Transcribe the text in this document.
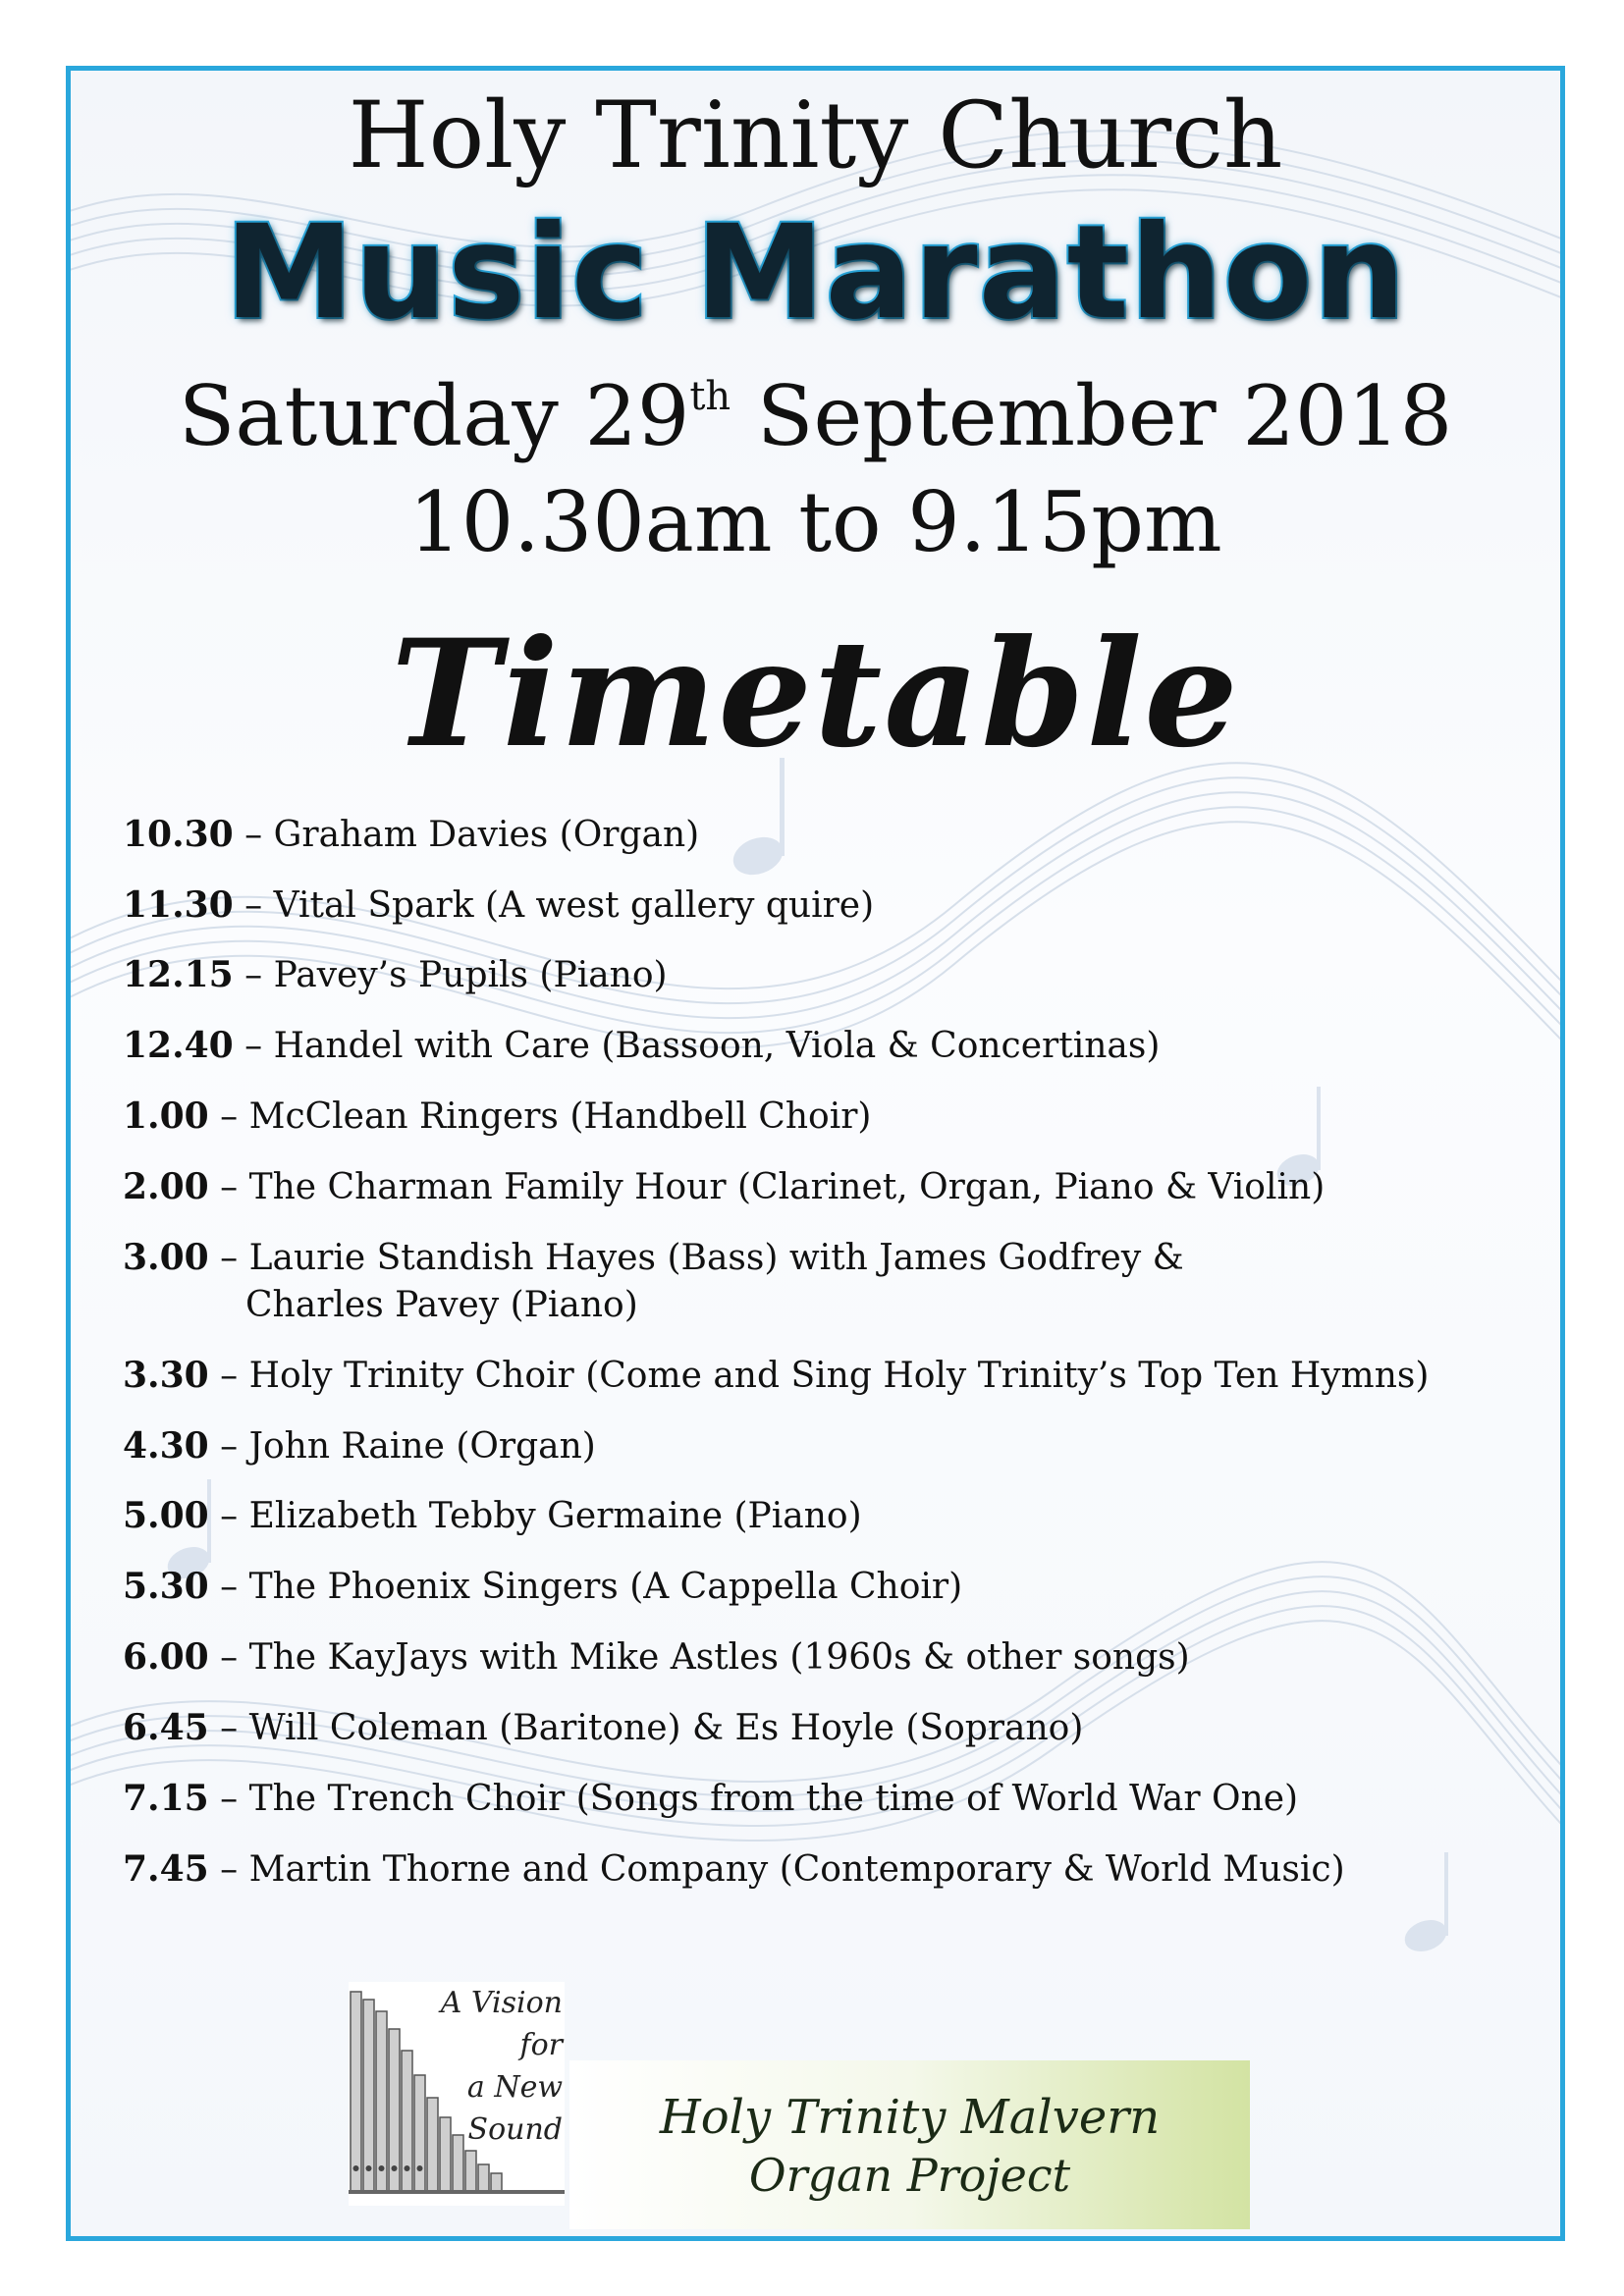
Holy Trinity Church
Music Marathon
Saturday 29th September 2018
10.30am to 9.15pm
Timetable
10.30 – Graham Davies (Organ)
11.30 – Vital Spark (A west gallery quire)
12.15 – Pavey’s Pupils (Piano)
12.40 – Handel with Care (Bassoon, Viola & Concertinas)
1.00 – McClean Ringers (Handbell Choir)
2.00 – The Charman Family Hour (Clarinet, Organ, Piano & Violin)
3.00 – Laurie Standish Hayes (Bass) with James Godfrey &
Charles Pavey (Piano)
3.30 – Holy Trinity Choir (Come and Sing Holy Trinity’s Top Ten Hymns)
4.30 – John Raine (Organ)
5.00 – Elizabeth Tebby Germaine (Piano)
5.30 – The Phoenix Singers (A Cappella Choir)
6.00 – The KayJays with Mike Astles (1960s & other songs)
6.45 – Will Coleman (Baritone) & Es Hoyle (Soprano)
7.15 – The Trench Choir (Songs from the time of World War One)
7.45 – Martin Thorne and Company (Contemporary & World Music)
A Vision
for
a New
Sound	Holy Trinity Malvern
Organ Project
